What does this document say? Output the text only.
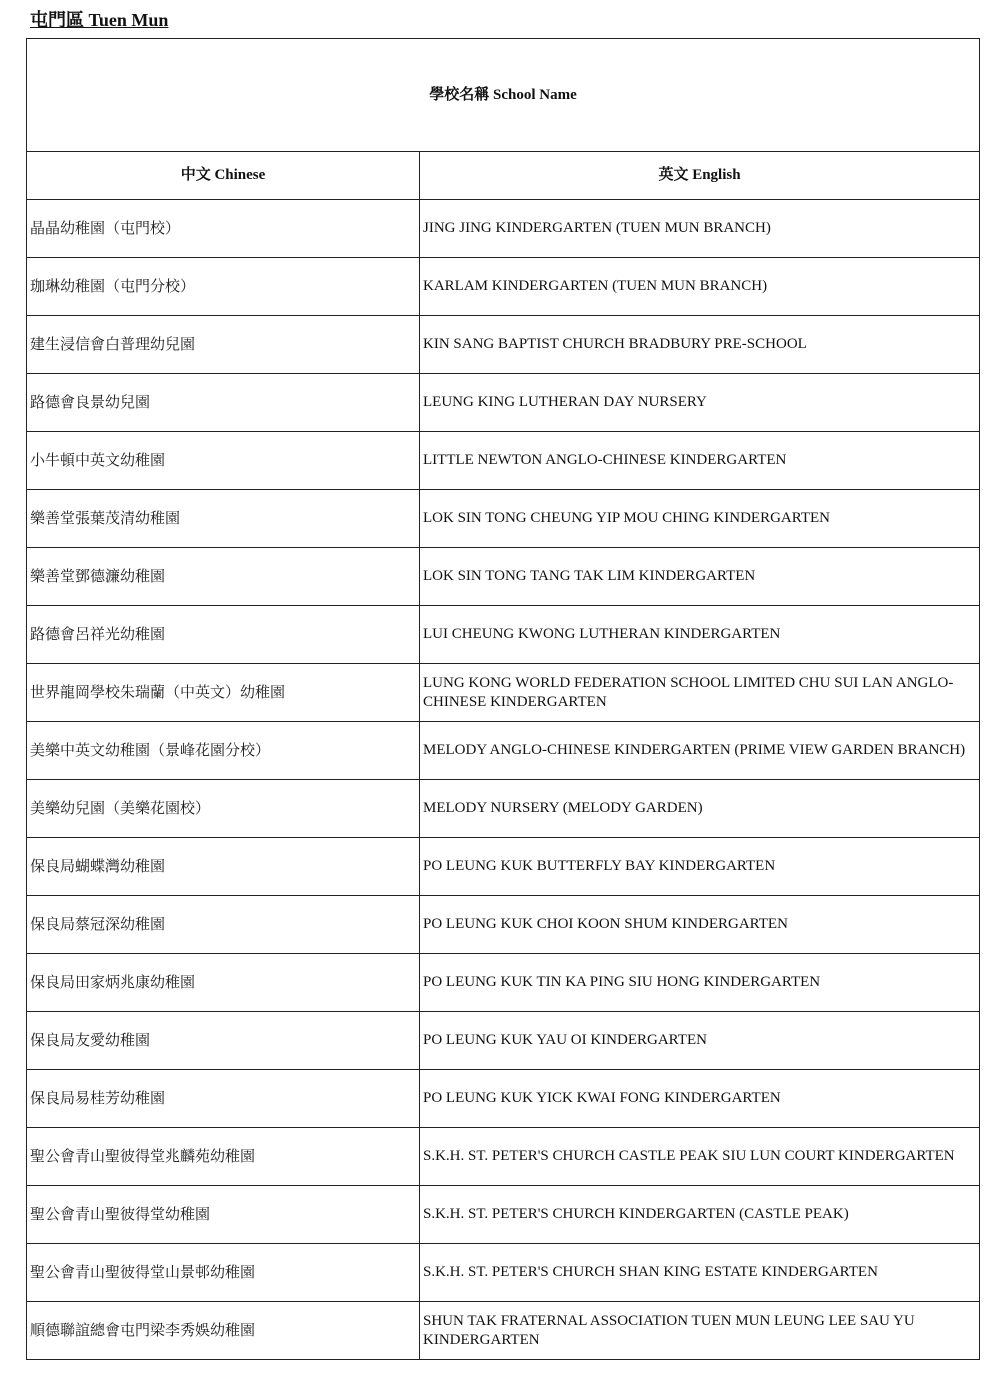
屯門區 Tuen Mun
學校名稱 School Name	
中文 Chinese	英文 English
晶晶幼稚園（屯門校）	JING JING KINDERGARTEN (TUEN MUN BRANCH)
珈琳幼稚園（屯門分校）	KARLAM KINDERGARTEN (TUEN MUN BRANCH)
建生浸信會白普理幼兒園	KIN SANG BAPTIST CHURCH BRADBURY PRE-SCHOOL
路德會良景幼兒園	LEUNG KING LUTHERAN DAY NURSERY
小牛頓中英文幼稚園	LITTLE NEWTON ANGLO-CHINESE KINDERGARTEN
樂善堂張葉茂清幼稚園	LOK SIN TONG CHEUNG YIP MOU CHING KINDERGARTEN
樂善堂鄧德濂幼稚園	LOK SIN TONG TANG TAK LIM KINDERGARTEN
路德會呂祥光幼稚園	LUI CHEUNG KWONG LUTHERAN KINDERGARTEN
世界龍岡學校朱瑞蘭（中英文）幼稚園	LUNG KONG WORLD FEDERATION SCHOOL LIMITED CHU SUI LAN ANGLO-CHINESE KINDERGARTEN
美樂中英文幼稚園（景峰花園分校）	MELODY ANGLO-CHINESE KINDERGARTEN (PRIME VIEW GARDEN BRANCH)
美樂幼兒園（美樂花園校）	MELODY NURSERY (MELODY GARDEN)
保良局蝴蝶灣幼稚園	PO LEUNG KUK BUTTERFLY BAY KINDERGARTEN
保良局蔡冠深幼稚園	PO LEUNG KUK CHOI KOON SHUM KINDERGARTEN
保良局田家炳兆康幼稚園	PO LEUNG KUK TIN KA PING SIU HONG KINDERGARTEN
保良局友愛幼稚園	PO LEUNG KUK YAU OI KINDERGARTEN
保良局易桂芳幼稚園	PO LEUNG KUK YICK KWAI FONG KINDERGARTEN
聖公會青山聖彼得堂兆麟苑幼稚園	S.K.H. ST. PETER'S CHURCH CASTLE PEAK SIU LUN COURT KINDERGARTEN
聖公會青山聖彼得堂幼稚園	S.K.H. ST. PETER'S CHURCH KINDERGARTEN (CASTLE PEAK)
聖公會青山聖彼得堂山景邨幼稚園	S.K.H. ST. PETER'S CHURCH SHAN KING ESTATE KINDERGARTEN
順德聯誼總會屯門梁李秀娛幼稚園	SHUN TAK FRATERNAL ASSOCIATION TUEN MUN LEUNG LEE SAU YU KINDERGARTEN
